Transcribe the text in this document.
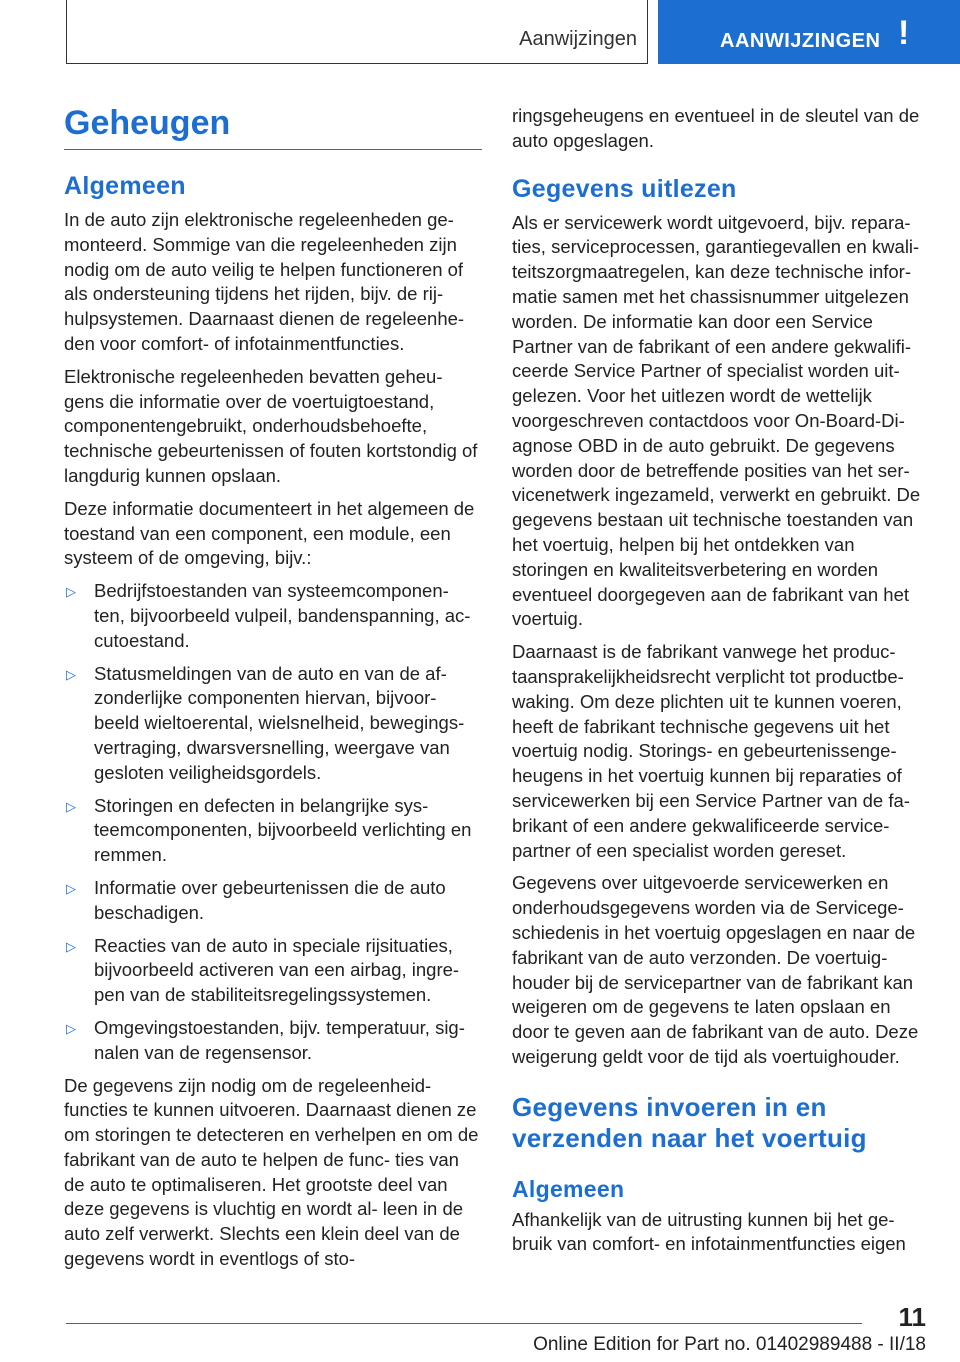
Aanwijzingen	AANWIJZINGEN !
Geheugen
Algemeen

In de auto zijn elektronische regeleenheden ge- monteerd. Sommige van die regeleenheden zijn nodig om de auto veilig te helpen functioneren of als ondersteuning tijdens het rijden, bijv. de rij- hulpsystemen. Daarnaast dienen de regeleenhe- den voor comfort- of infotainmentfuncties.

Elektronische regeleenheden bevatten geheu- gens die informatie over de voertuigtoestand, componentengebruikt, onderhoudsbehoefte, technische gebeurtenissen of fouten kortstondig of langdurig kunnen opslaan.

Deze informatie documenteert in het algemeen de toestand van een component, een module, een systeem of de omgeving, bijv.:

▷ Bedrijfstoestanden van systeemcomponen- ten, bijvoorbeeld vulpeil, bandenspanning, ac- cutoestand.
▷ Statusmeldingen van de auto en van de af- zonderlijke componenten hiervan, bijvoor- beeld wieltoerental, wielsnelheid, bewegings- vertraging, dwarsversnelling, weergave van gesloten veiligheidsgordels.
▷ Storingen en defecten in belangrijke sys- teemcomponenten, bijvoorbeeld verlichting en remmen.
▷ Informatie over gebeurtenissen die de auto beschadigen.
▷ Reacties van de auto in speciale rijsituaties, bijvoorbeeld activeren van een airbag, ingre- pen van de stabiliteitsregelingssystemen.
▷ Omgevingstoestanden, bijv. temperatuur, sig- nalen van de regensensor.

De gegevens zijn nodig om de regeleenheid- functies te kunnen uitvoeren. Daarnaast dienen ze om storingen te detecteren en verhelpen en om de fabrikant van de auto te helpen de func- ties van de auto te optimaliseren. Het grootste deel van deze gegevens is vluchtig en wordt al- leen in de auto zelf verwerkt. Slechts een klein deel van de gegevens wordt in eventlogs of sto-

ringsgeheugens en eventueel in de sleutel van de auto opgeslagen.

Gegevens uitlezen

Als er servicewerk wordt uitgevoerd, bijv. repara- ties, serviceprocessen, garantiegevallen en kwali- teitszorgmaatregelen, kan deze technische infor- matie samen met het chassisnummer uitgelezen worden. De informatie kan door een Service Partner van de fabrikant of een andere gekwalifi- ceerde Service Partner of specialist worden uit- gelezen. Voor het uitlezen wordt de wettelijk voorgeschreven contactdoos voor On-Board-Di- agnose OBD in de auto gebruikt. De gegevens worden door de betreffende posities van het ser- vicenetwerk ingezameld, verwerkt en gebruikt. De gegevens bestaan uit technische toestanden van het voertuig, helpen bij het ontdekken van storingen en kwaliteitsverbetering en worden eventueel doorgegeven aan de fabrikant van het voertuig.

Daarnaast is de fabrikant vanwege het produc- taansprakelijkheidsrecht verplicht tot productbe- waking. Om deze plichten uit te kunnen voeren, heeft de fabrikant technische gegevens uit het voertuig nodig. Storings- en gebeurtenissenge- heugens in het voertuig kunnen bij reparaties of servicewerken bij een Service Partner van de fa- brikant of een andere gekwalificeerde service- partner of een specialist worden gereset.

Gegevens over uitgevoerde servicewerken en onderhoudsgegevens worden via de Servicege- schiedenis in het voertuig opgeslagen en naar de fabrikant van de auto verzonden. De voertuig- houder bij de servicepartner van de fabrikant kan weigeren om de gegevens te laten opslaan en door te geven aan de fabrikant van de auto. Deze weigerung geldt voor de tijd als voertuighouder.

Gegevens invoeren in en verzenden naar het voertuig
Algemeen

Afhankelijk van de uitrusting kunnen bij het ge- bruik van comfort- en infotainmentfuncties eigen

11
Online Edition for Part no. 01402989488 - II/18
